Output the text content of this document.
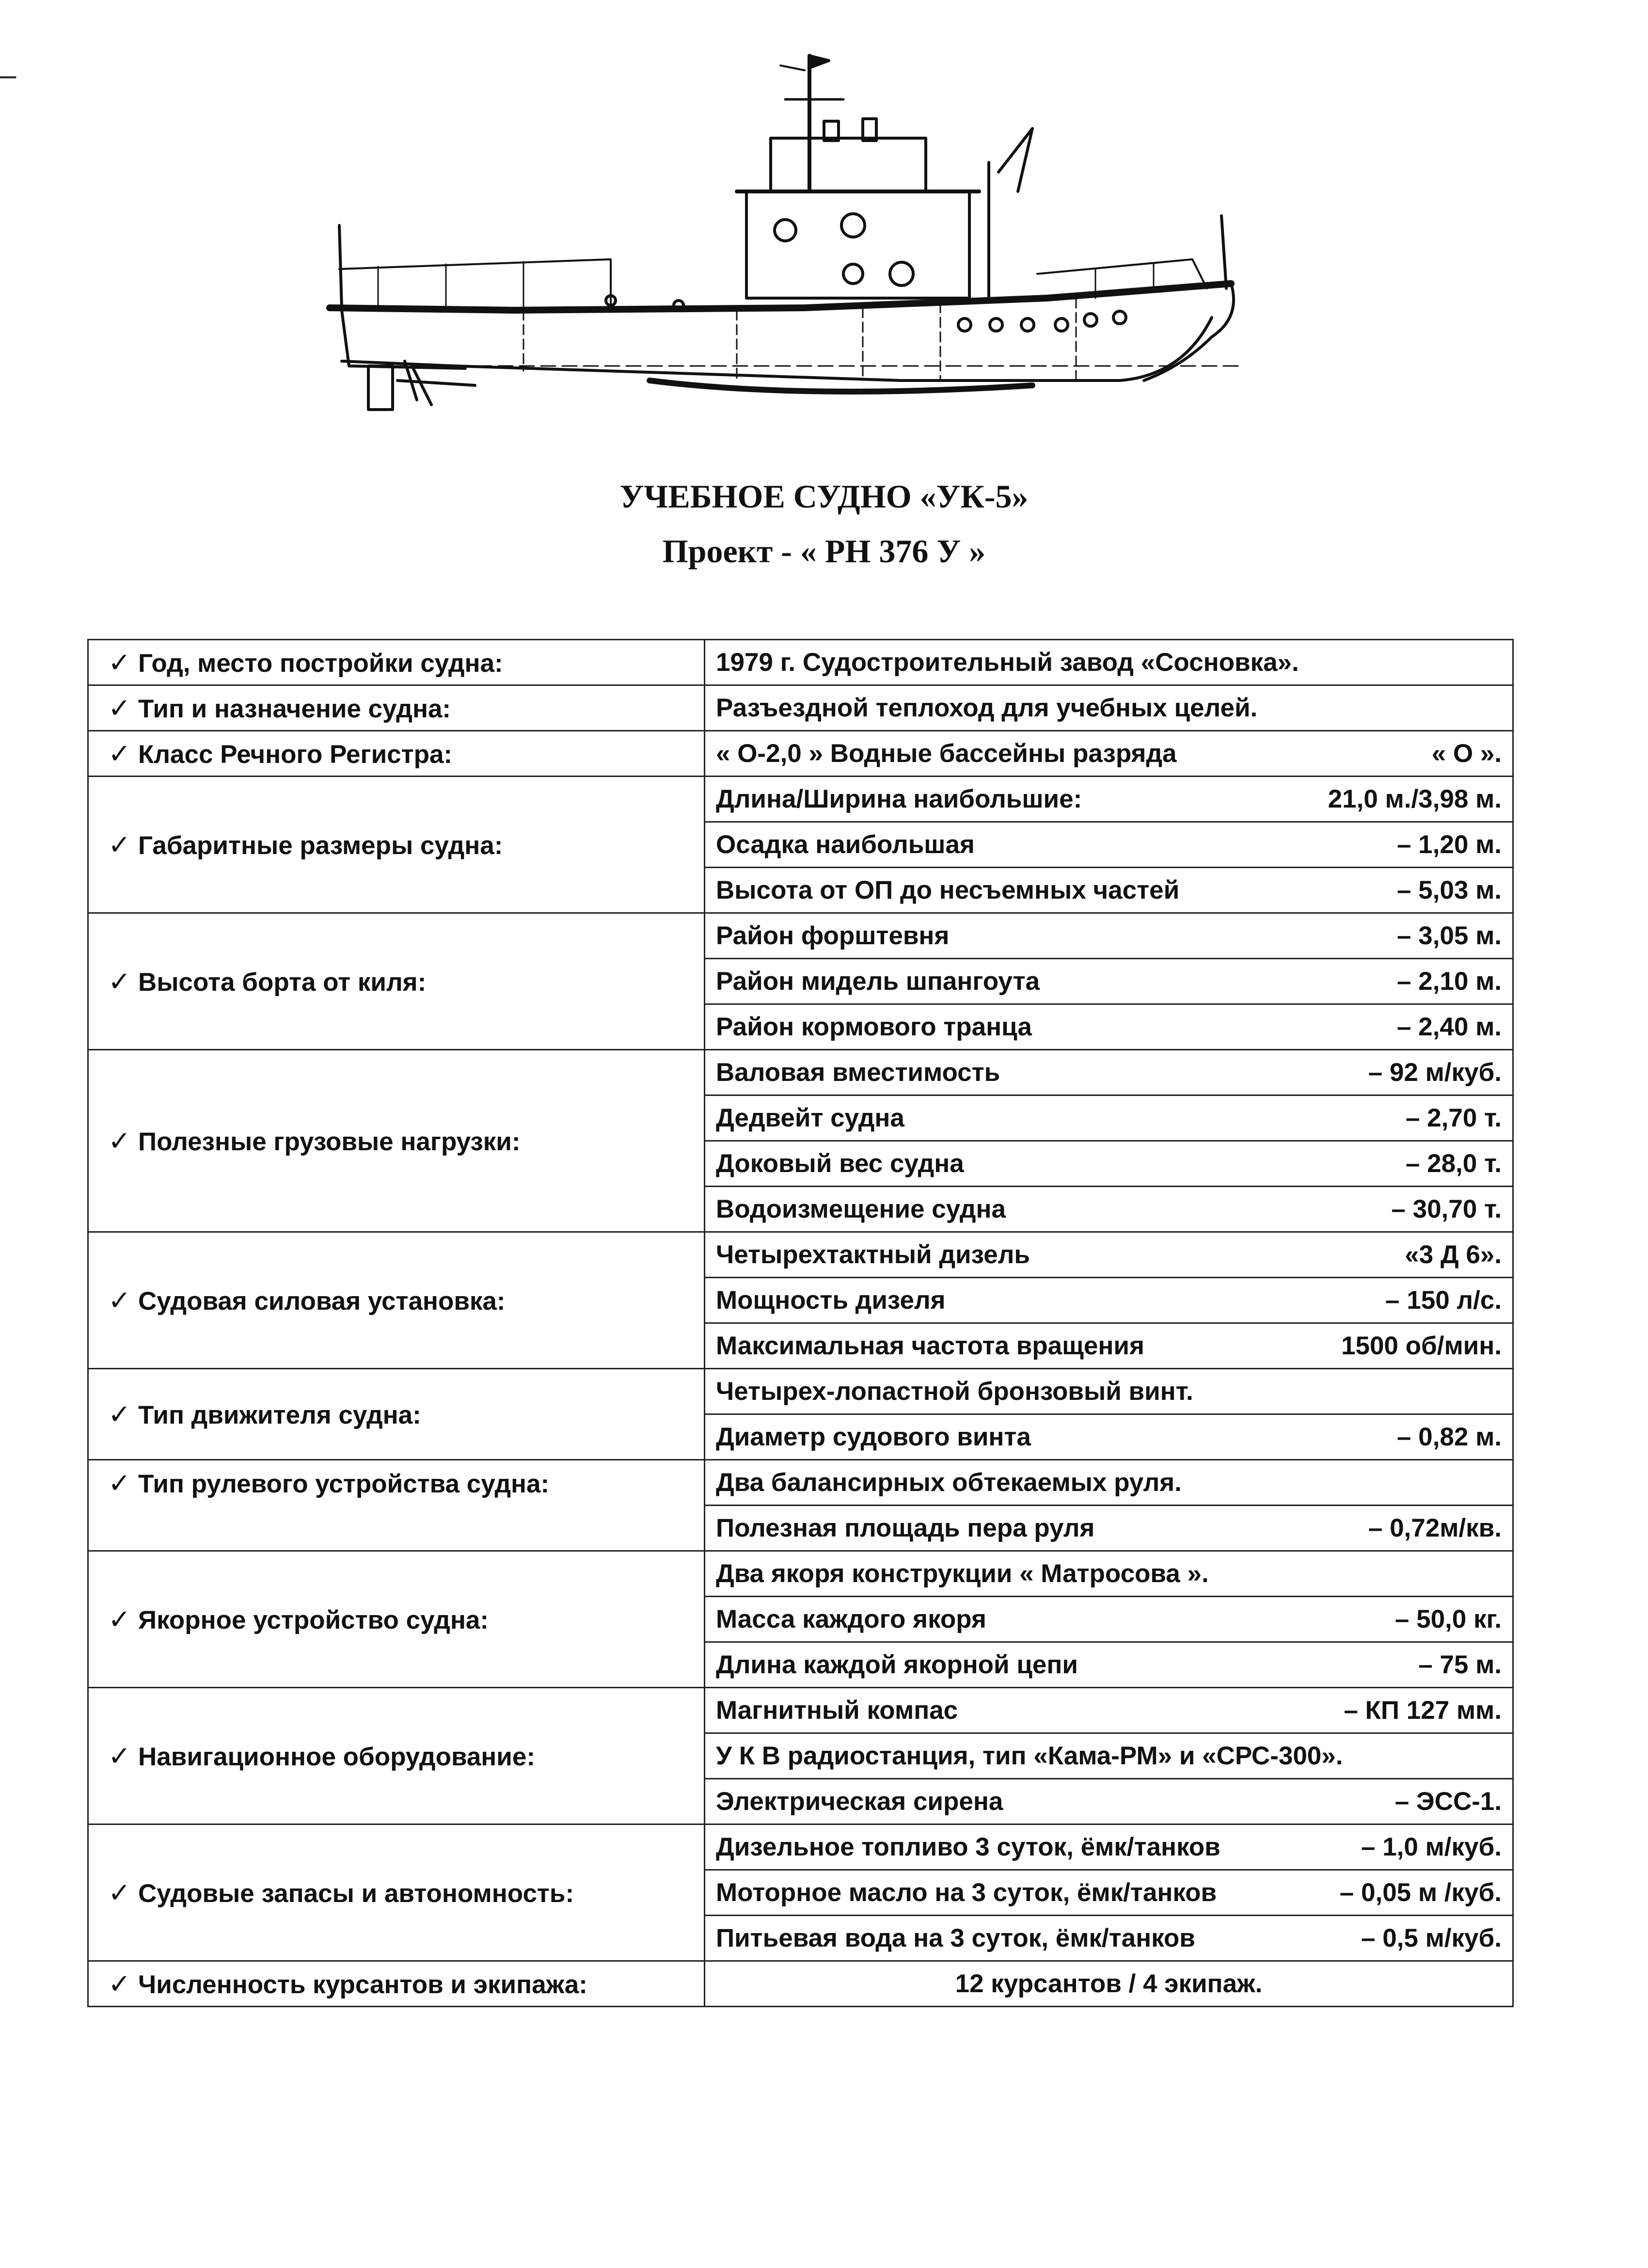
‒
УЧЕБНОЕ СУДНО «УК-5»
Проект - « РН 376 У »
✓ Год, место постройки судна:	1979 г. Судостроительный завод «Сосновка».

✓ Тип и назначение судна:	Разъездной теплоход для учебных целей.

✓ Класс Речного Регистра:	« О-2,0 » Водные бассейны разряда « О ».

✓ Габаритные размеры судна:	Длина/Ширина наибольшие: 21,0 м./3,98 м.

	Осадка наибольшая – 1,20 м.

	Высота от ОП до несъемных частей – 5,03 м.

✓ Высота борта от киля:	Район форштевня – 3,05 м.

	Район мидель шпангоута – 2,10 м.

	Район кормового транца – 2,40 м.

✓ Полезные грузовые нагрузки:	Валовая вместимость – 92 м/куб.

	Дедвейт судна – 2,70 т.

	Доковый вес судна – 28,0 т.

	Водоизмещение судна – 30,70 т.

✓ Судовая силовая установка:	Четырехтактный дизель «3 Д 6».

	Мощность дизеля – 150 л/с.

	Максимальная частота вращения 1500 об/мин.

✓ Тип движителя судна:	Четырех-лопастной бронзовый винт.

	Диаметр судового винта – 0,82 м.

✓ Тип рулевого устройства судна:	Два балансирных обтекаемых руля.

	Полезная площадь пера руля – 0,72м/кв.

✓ Якорное устройство судна:	Два якоря конструкции « Матросова ».

	Масса каждого якоря – 50,0 кг.

	Длина каждой якорной цепи – 75 м.

✓ Навигационное оборудование:	Магнитный компас – КП 127 мм.

	У К В радиостанция, тип «Кама-РМ» и «СРС-300».

	Электрическая сирена – ЭСС-1.

✓ Судовые запасы и автономность:	Дизельное топливо 3 суток, ёмк/танков – 1,0 м/куб.

	Моторное масло на 3 суток, ёмк/танков – 0,05 м /куб.

	Питьевая вода на 3 суток, ёмк/танков – 0,5 м/куб.

✓ Численность курсантов и экипажа:	12 курсантов / 4 экипаж.
